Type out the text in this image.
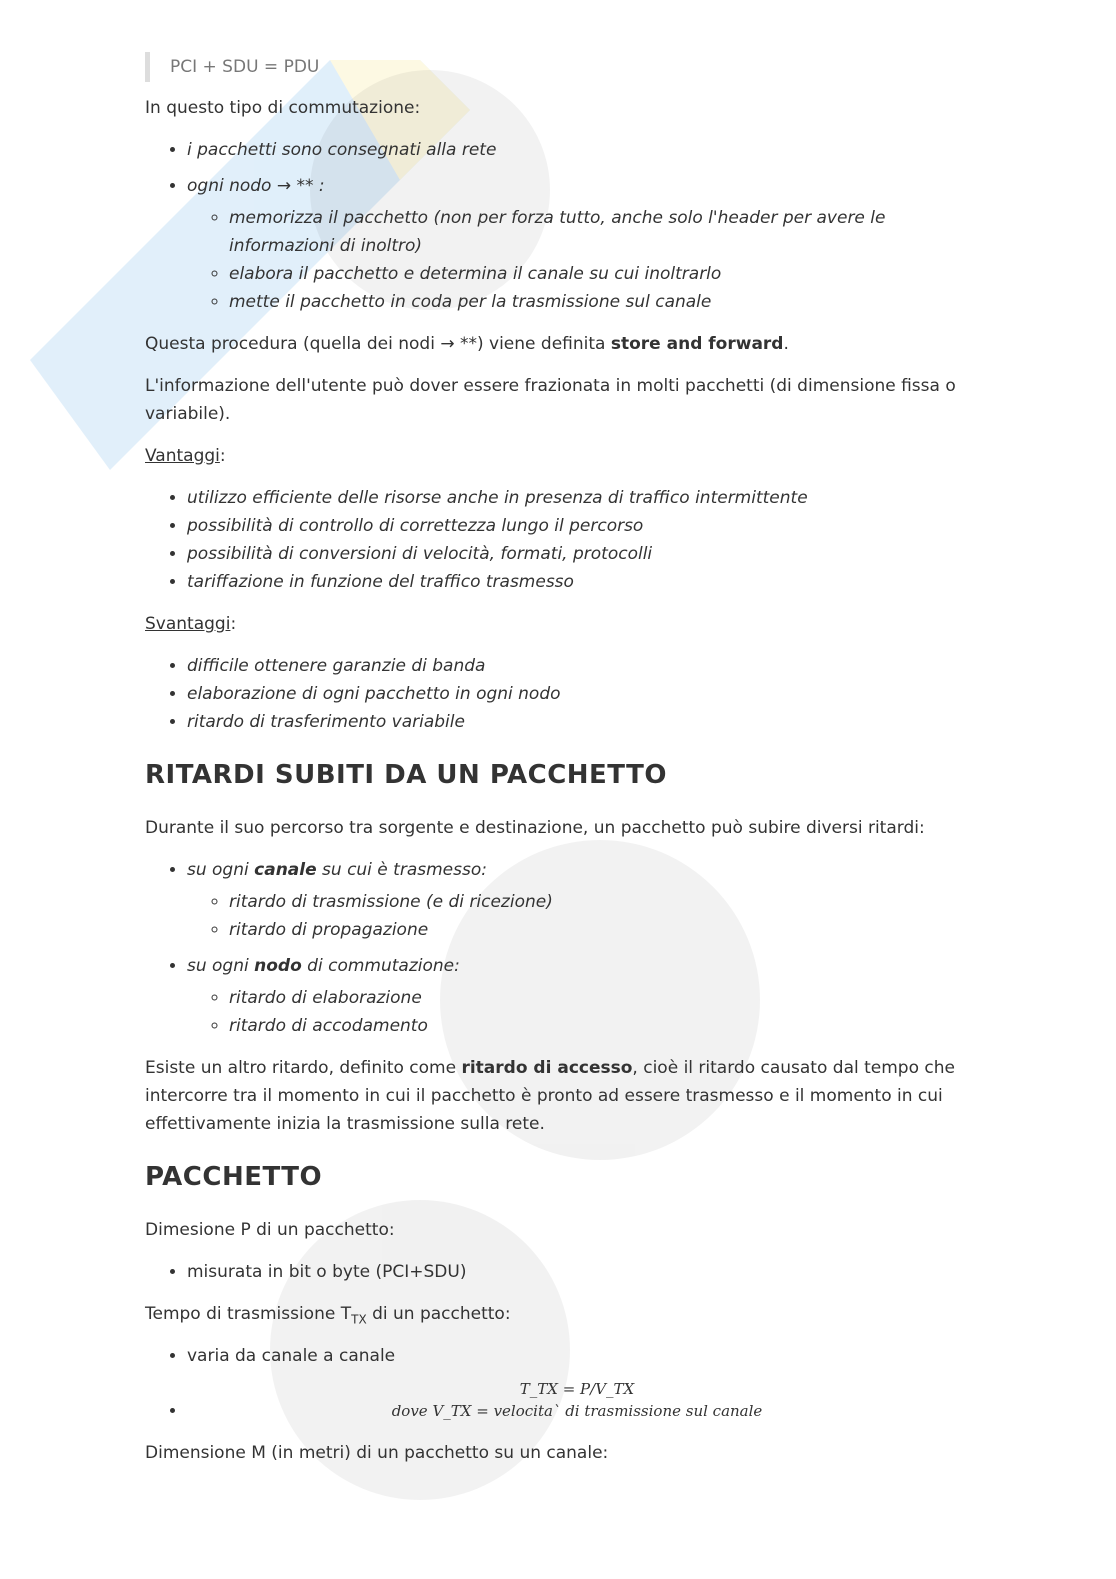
PCI + SDU = PDU

In questo tipo di commutazione:

• i pacchetti sono consegnati alla rete
• ogni nodo → ** :
◦ memorizza il pacchetto (non per forza tutto, anche solo l'header per avere le informazioni di inoltro)
◦ elabora il pacchetto e determina il canale su cui inoltrarlo
◦ mette il pacchetto in coda per la trasmissione sul canale

Questa procedura (quella dei nodi → **) viene definita store and forward.

L'informazione dell'utente può dover essere frazionata in molti pacchetti (di dimensione fissa o variabile).

Vantaggi:

• utilizzo efficiente delle risorse anche in presenza di traffico intermittente
• possibilità di controllo di correttezza lungo il percorso
• possibilità di conversioni di velocità, formati, protocolli
• tariffazione in funzione del traffico trasmesso

Svantaggi:

• difficile ottenere garanzie di banda
• elaborazione di ogni pacchetto in ogni nodo
• ritardo di trasferimento variabile
RITARDI SUBITI DA UN PACCHETTO

Durante il suo percorso tra sorgente e destinazione, un pacchetto può subire diversi ritardi:

• su ogni canale su cui è trasmesso:
◦ ritardo di trasmissione (e di ricezione)
◦ ritardo di propagazione
• su ogni nodo di commutazione:
◦ ritardo di elaborazione
◦ ritardo di accodamento

Esiste un altro ritardo, definito come ritardo di accesso, cioè il ritardo causato dal tempo che intercorre tra il momento in cui il pacchetto è pronto ad essere trasmesso e il momento in cui effettivamente inizia la trasmissione sulla rete.

PACCHETTO

Dimesione P di un pacchetto:

• misurata in bit o byte (PCI+SDU)

Tempo di trasmissione $T_{TX}$ di un pacchetto:

• varia da canale a canale
• T_TX = P/V_TX
dove V_TX = velocitaˋ di trasmissione sul canale

Dimensione M (in metri) di un pacchetto su un canale:
